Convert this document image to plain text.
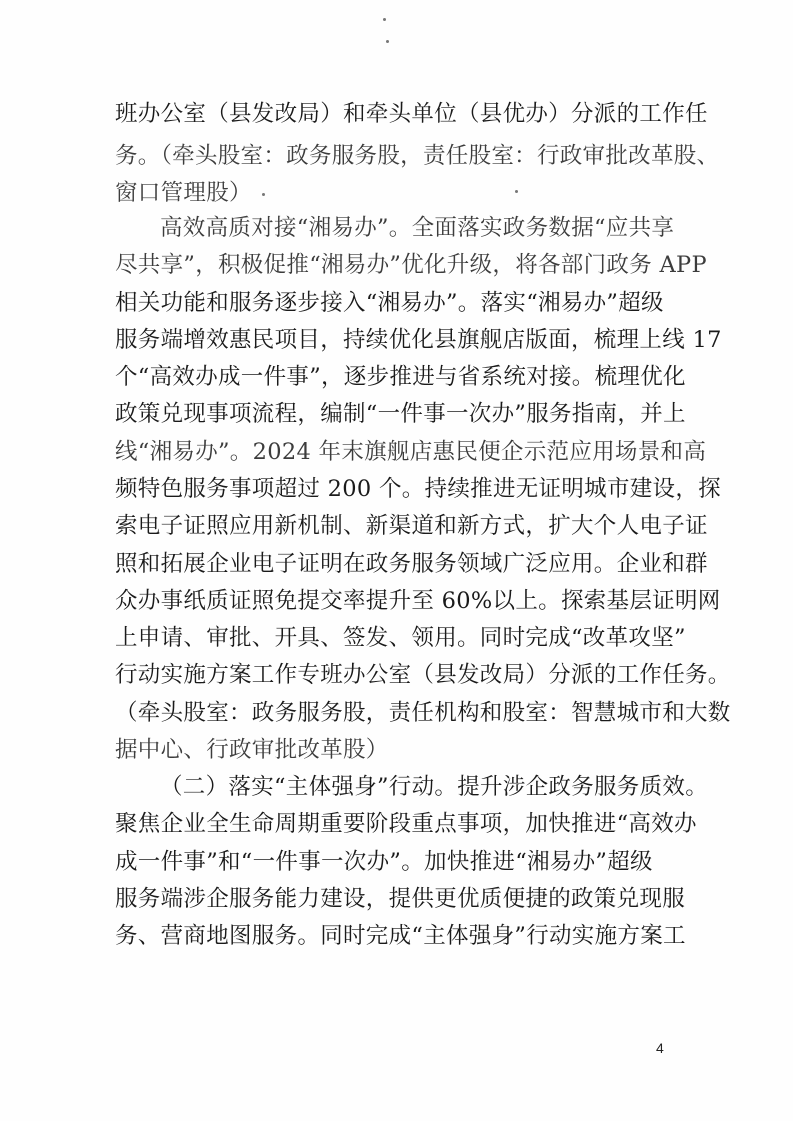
班办公室（县发改局）和牵头单位（县优办）分派的工作任
务。（牵头股室：政务服务股，责任股室：行政审批改革股、
窗口管理股）
高效高质对接“湘易办”。全面落实政务数据“应共享
尽共享”，积极促推“湘易办”优化升级，将各部门政务 APP
相关功能和服务逐步接入“湘易办”。落实“湘易办”超级
服务端增效惠民项目，持续优化县旗舰店版面，梳理上线 17
个“高效办成一件事”，逐步推进与省系统对接。梳理优化
政策兑现事项流程，编制“一件事一次办”服务指南，并上
线“湘易办”。2024 年末旗舰店惠民便企示范应用场景和高
频特色服务事项超过 200 个。持续推进无证明城市建设，探
索电子证照应用新机制、新渠道和新方式，扩大个人电子证
照和拓展企业电子证明在政务服务领域广泛应用。企业和群
众办事纸质证照免提交率提升至 60%以上。探索基层证明网
上申请、审批、开具、签发、领用。同时完成“改革攻坚”
行动实施方案工作专班办公室（县发改局）分派的工作任务。
（牵头股室：政务服务股，责任机构和股室：智慧城市和大数
据中心、行政审批改革股）
（二）落实“主体强身”行动。提升涉企政务服务质效。
聚焦企业全生命周期重要阶段重点事项，加快推进“高效办
成一件事”和“一件事一次办”。加快推进“湘易办”超级
服务端涉企服务能力建设，提供更优质便捷的政策兑现服
务、营商地图服务。同时完成“主体强身”行动实施方案工
4
